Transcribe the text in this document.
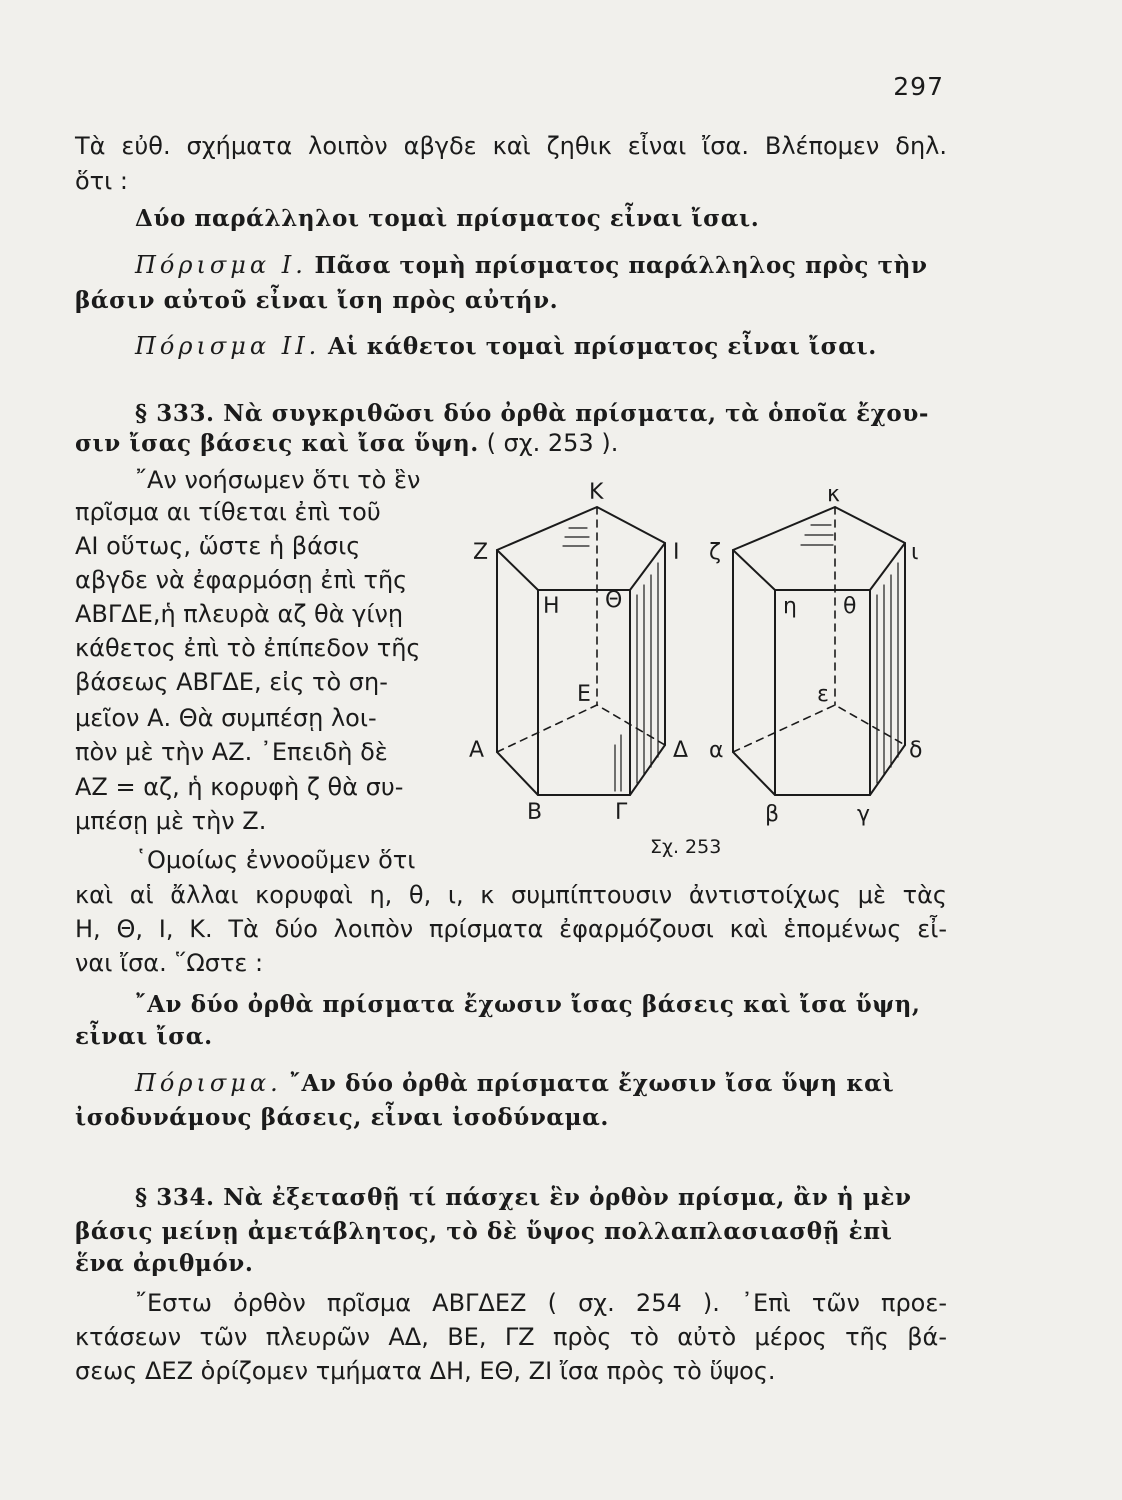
297
Τὰ εὐθ. σχήματα λοιπὸν αβγδε καὶ ζηθικ εἶναι ἴσα. Βλέπομεν δηλ.
ὅτι :
Δύο παράλληλοι τομαὶ πρίσματος εἶναι ἴσαι.
Πόρισμα Ι. Πᾶσα τομὴ πρίσματος παράλληλος πρὸς τὴν
βάσιν αὐτοῦ εἶναι ἴση πρὸς αὐτήν.
Πόρισμα ΙΙ. Αἱ κάθετοι τομαὶ πρίσματος εἶναι ἴσαι.
§ 333. Νὰ συγκριθῶσι δύο ὀρθὰ πρίσματα, τὰ ὁποῖα ἔχου-
σιν ἴσας βάσεις καὶ ἴσα ὕψη. ( σχ. 253 ).
῎Αν νοήσωμεν ὅτι τὸ ἓν
πρῖσμα αι τίθεται ἐπὶ τοῦ
ΑΙ οὕτως, ὥστε ἡ βάσις
αβγδε νὰ ἐφαρμόσῃ ἐπὶ τῆς
ΑΒΓΔΕ,ἡ πλευρὰ αζ θὰ γίνῃ
κάθετος ἐπὶ τὸ ἐπίπεδον τῆς
βάσεως ΑΒΓΔΕ, εἰς τὸ ση-
μεῖον Α. Θὰ συμπέσῃ λοι-
πὸν μὲ τὴν ΑΖ. ᾿Επειδὴ δὲ
ΑΖ = αζ, ἡ κορυφὴ ζ θὰ συ-
μπέσῃ μὲ τὴν Ζ.
῾Ομοίως ἐννοοῦμεν ὅτι
καὶ αἱ ἄλλαι κορυφαὶ η, θ, ι, κ συμπίπτουσιν ἀντιστοίχως μὲ τὰς
Η, Θ, Ι, Κ. Τὰ δύο λοιπὸν πρίσματα ἐφαρμόζουσι καὶ ἑπομένως εἶ-
ναι ἴσα. ῞Ωστε :
῎Αν δύο ὀρθὰ πρίσματα ἔχωσιν ἴσας βάσεις καὶ ἴσα ὕψη,
εἶναι ἴσα.
Πόρισμα. ῎Αν δύο ὀρθὰ πρίσματα ἔχωσιν ἴσα ὕψη καὶ
ἰσοδυνάμους βάσεις, εἶναι ἰσοδύναμα.
§ 334. Νὰ ἐξετασθῇ τί πάσχει ἓν ὀρθὸν πρίσμα, ἂν ἡ μὲν
βάσις μείνῃ ἀμετάβλητος, τὸ δὲ ὕψος πολλαπλασιασθῇ ἐπὶ
ἕνα ἀριθμόν.
῎Εστω ὀρθὸν πρῖσμα ΑΒΓΔΕΖ ( σχ. 254 ). ᾿Επὶ τῶν προε-
κτάσεων τῶν πλευρῶν ΑΔ, ΒΕ, ΓΖ πρὸς τὸ αὐτὸ μέρος τῆς βά-
σεως ΔΕΖ ὁρίζομεν τμήματα ΔΗ, ΕΘ, ΖΙ ἴσα πρὸς τὸ ὕψος.
Κ
Ζ	Ι
Η Θ
Ε
Α	Δ
Β	Γ
κ
ζ	ι
η θ
ε
α	δ
β	γ
Σχ. 253
